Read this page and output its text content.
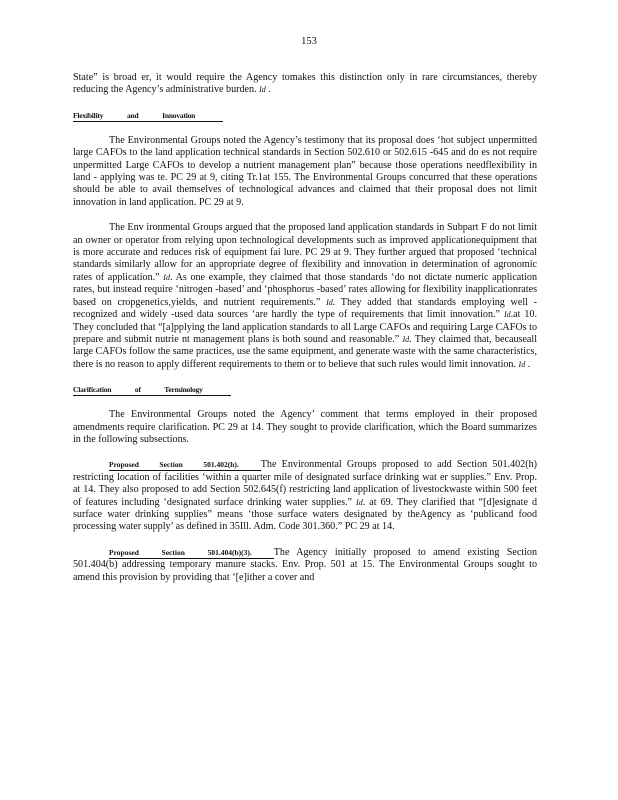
153

State” is broad er, it would require the Agency tomakes this distinction only in rare circumstances, thereby reducing the Agency’s administrative burden. Id .

Flexibility and Innovation

The Environmental Groups noted the Agency’s testimony that its proposal does ‘hot subject unpermitted large CAFOs to the land application technical standards in Section 502.610 or 502.615 -645 and do es not require unpermitted Large CAFOs to develop a nutrient management plan” because those operations needflexibility in land - applying was te. PC 29 at 9, citing Tr.1at 155. The Environmental Groups concurred that these operations should be able to avail themselves of technological advances and claimed that their proposal does not limit innovation in land application. PC 29 at 9.

The Env ironmental Groups argued that the proposed land application standards in Subpart F do not limit an owner or operator from relying upon technological developments such as improved applicationequipment that is more accurate and reduces risk of equipment fai lure. PC 29 at 9. They further argued that proposed ‘technical standards similarly allow for an appropriate degree of flexibility and innovation in determination of agronomic rates of application.” Id. As one example, they claimed that those standards ‘do not dictate numeric application rates, but instead require ‘nitrogen -based’ and ‘phosphorus -based’ rates allowing for flexibility inapplicationrates based on cropgenetics,yields, and nutrient requirements.” Id. They added that standards employing well - recognized and widely -used data sources ‘are hardly the type of requirements that limit innovation.” Id.at 10. They concluded that “[a]pplying the land application standards to all Large CAFOs and requiring Large CAFOs to prepare and submit nutrie nt management plans is both sound and reasonable.” Id. They claimed that, becauseall large CAFOs follow the same practices, use the same equipment, and generate waste with the same characteristics, there is no reason to apply different requirements to them or to believe that such rules would limit innovation. Id .

Clarification of Terminology

The Environmental Groups noted the Agency’ comment that terms employed in their proposed amendments require clarification. PC 29 at 14. They sought to provide clarification, which the Board summarizes in the following subsections.

Proposed Section 501.402(h). The Environmental Groups proposed to add Section 501.402(h) restricting location of facilities ‘within a quarter mile of designated surface drinking wat er supplies.” Env. Prop. at 14. They also proposed to add Section 502.645(f) restricting land application of livestockwaste within 500 feet of features including ‘designated surface drinking water supplies.” Id. at 69. They clarified that “[d]esignate d surface water drinking supplies” means ‘those surface waters designated by theAgency as ‘publicand food processing water supply’ as defined in 35Ill. Adm. Code 301.360.” PC 29 at 14.

Proposed Section 501.404(b)(3). The Agency initially proposed to amend existing Section 501.404(b) addressing temporary manure stacks. Env. Prop. 501 at 15. The Environmental Groups sought to amend this provision by providing that ‘[e]ither a cover and
